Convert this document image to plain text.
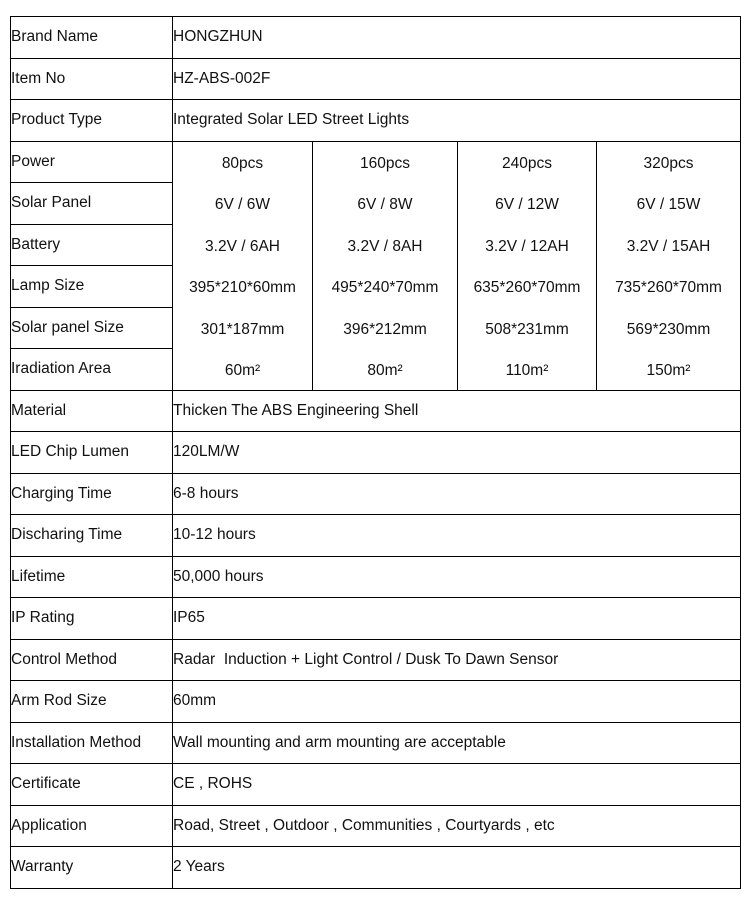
Brand Name	HONGZHUN			
Item No	HZ-ABS-002F			
Product Type	Integrated Solar LED Street Lights			
Power	80pcs	160pcs	240pcs	320pcs
Solar Panel	6V / 6W	6V / 8W	6V / 12W	6V / 15W
Battery	3.2V / 6AH	3.2V / 8AH	3.2V / 12AH	3.2V / 15AH
Lamp Size	395*210*60mm	495*240*70mm	635*260*70mm	735*260*70mm
Solar panel Size	301*187mm	396*212mm	508*231mm	569*230mm
Iradiation Area	60m²	80m²	110m²	150m²
Material	Thicken The ABS Engineering Shell			
LED Chip Lumen	120LM/W			
Charging Time	6-8 hours			
Discharing Time	10-12 hours			
Lifetime	50,000 hours			
IP Rating	IP65			
Control Method	Radar  Induction + Light Control / Dusk To Dawn Sensor			
Arm Rod Size	60mm			
Installation Method	Wall mounting and arm mounting are acceptable			
Certificate	CE , ROHS			
Application	Road, Street , Outdoor , Communities , Courtyards , etc			
Warranty	2 Years			
